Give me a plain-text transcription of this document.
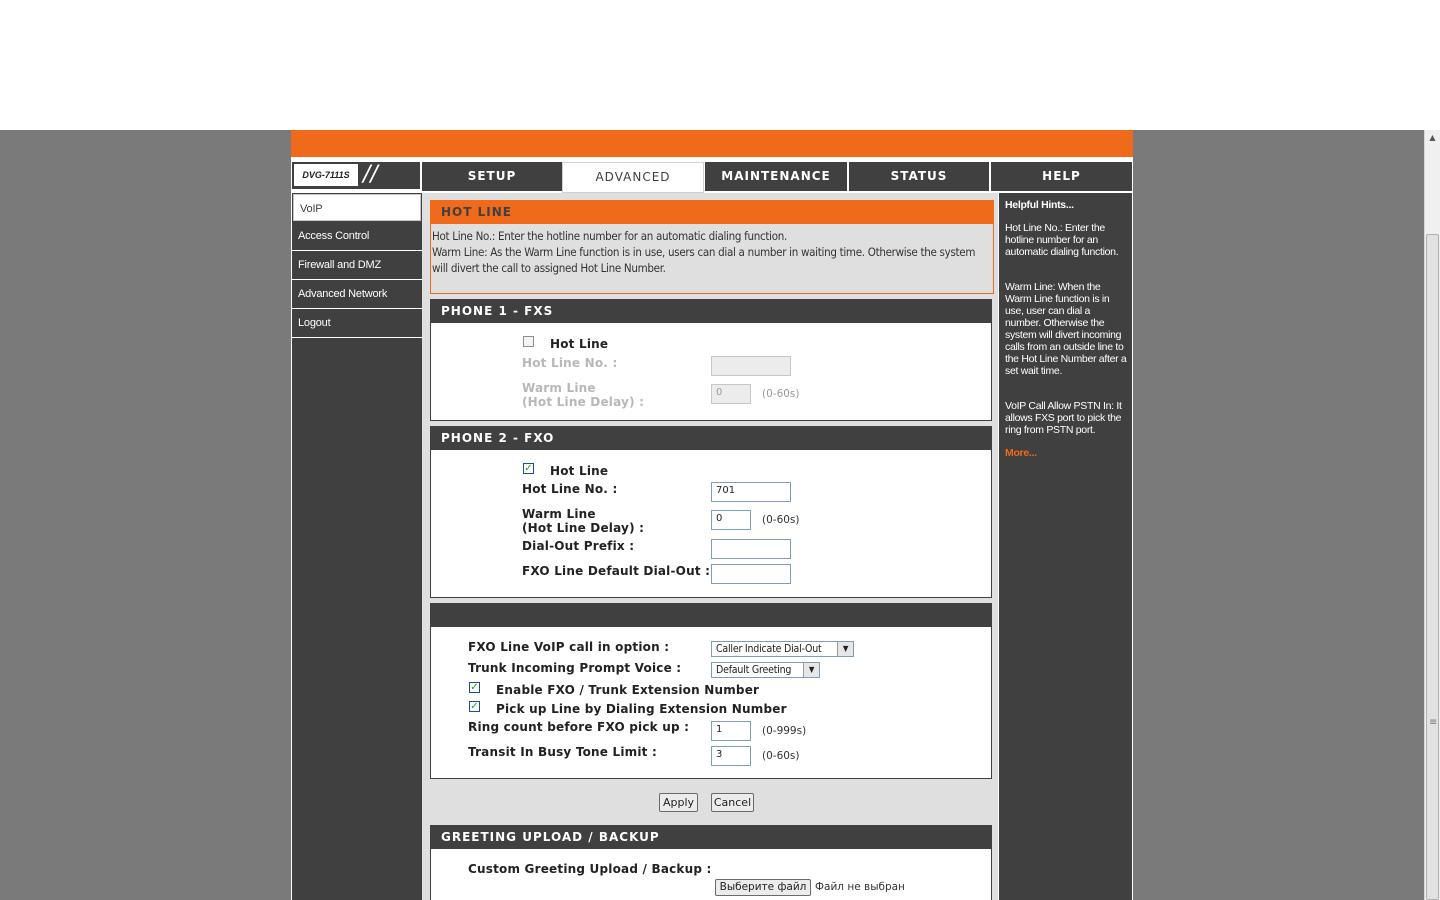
▲
≡
DVG-7111S //	SETUP	ADVANCED	MAINTENANCE	STATUS	HELP
VoIP
Access Control
Firewall and DMZ
Advanced Network
Logout
HOT LINE
Hot Line No.: Enter the hotline number for an automatic dialing function.
Warm Line: As the Warm Line function is in use, users can dial a number in waiting time. Otherwise the system will divert the call to assigned Hot Line Number.
PHONE 1 - FXS
Hot Line
Hot Line No. :
Warm Line
(Hot Line Delay) :
0	(0-60s)
PHONE 2 - FXO
✓ Hot Line
Hot Line No. :	701
Warm Line
(Hot Line Delay) :
0	(0-60s)
Dial-Out Prefix :
FXO Line Default Dial-Out :
FXO Line VoIP call in option :	Caller Indicate Dial-Out	▼
Trunk Incoming Prompt Voice :	Default Greeting	▼
✓ Enable FXO / Trunk Extension Number
✓ Pick up Line by Dialing Extension Number
Ring count before FXO pick up :	1	(0-999s)
Transit In Busy Tone Limit :	3	(0-60s)
Apply	Cancel
GREETING UPLOAD / BACKUP
Custom Greeting Upload / Backup :
Выберите файл Файл не выбран
Helpful Hints...
Hot Line No.: Enter the hotline number for an automatic dialing function.
Warm Line: When the Warm Line function is in use, user can dial a number. Otherwise the system will divert incoming calls from an outside line to the Hot Line Number after a set wait time.
VoIP Call Allow PSTN In: It allows FXS port to pick the ring from PSTN port.
More...
